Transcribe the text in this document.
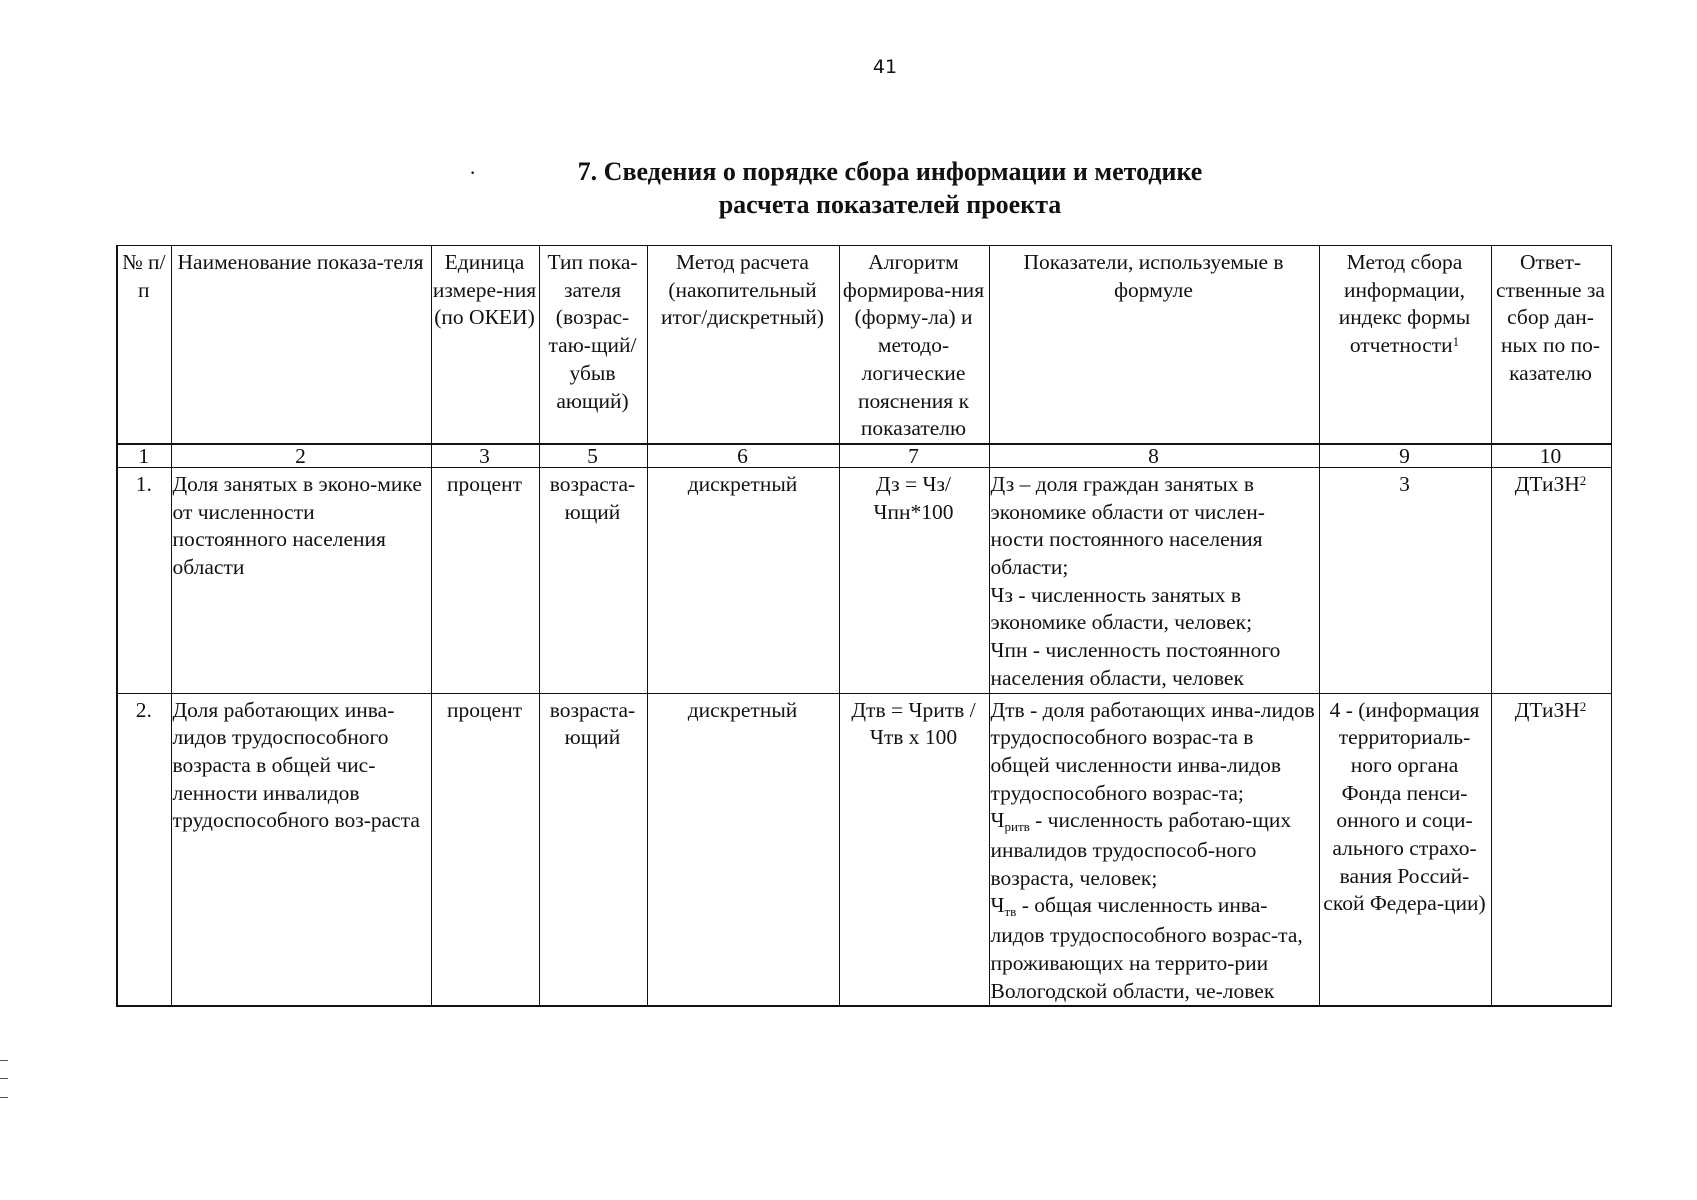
41
·	7. Сведения о порядке сбора информации и методике
расчета показателей проекта
№ п/п	Наименование показа-теля	Единица измере-ния (по ОКЕИ)	Тип пока-зателя (возрас-таю-щий/убыв ающий)	Метод расчета (накопительный итог/дискретный)	Алгоритм формирова-ния (форму-ла) и методо-логические пояснения к показателю	Показатели, используемые в формуле	Метод сбора информации, индекс формы отчетности$^1$	Ответ-ственные за сбор дан-ных по по-казателю
1	2	3	5	6	7	8	9	10
1.	Доля занятых в эконо-мике от численности постоянного населения области	процент	возраста-ющий	дискретный	Дз = Чз/ Чпн*100	Дз – доля граждан занятых в экономике области от числен-ности постоянного населения области;
Чз - численность занятых в экономике области, человек;
Чпн - численность постоянного населения области, человек	3	ДТиЗН$^2$
2.	Доля работающих инва-лидов трудоспособного возраста в общей чис-ленности инвалидов трудоспособного воз-раста	процент	возраста-ющий	дискретный	Дтв = Чритв / Чтв х 100	Дтв - доля работающих инва-лидов трудоспособного возрас-та в общей численности инва-лидов трудоспособного возрас-та;
Чритв - численность работаю-щих инвалидов трудоспособ-ного возраста, человек;
Чтв - общая численность инва-лидов трудоспособного возрас-та, проживающих на террито-рии Вологодской области, че-ловек	4 - (информация территориаль-ного органа Фонда пенси-онного и соци-ального страхо-вания Россий-ской Федера-ции)	ДТиЗН$^2$
